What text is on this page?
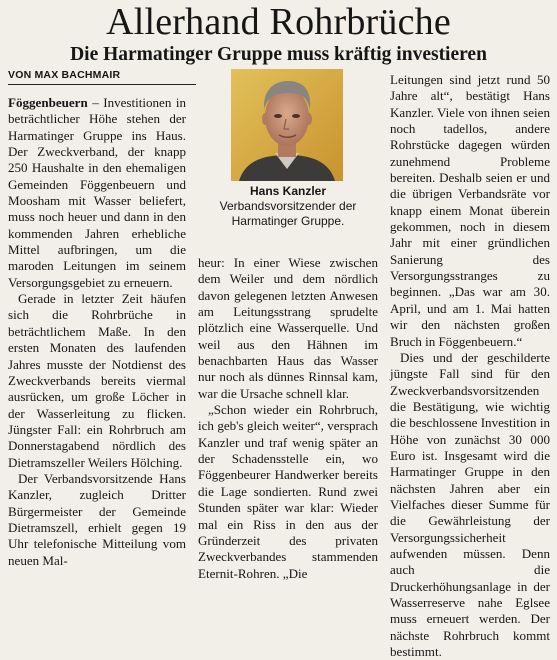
Allerhand Rohrbrüche
Die Harmatinger Gruppe muss kräftig investieren
VON MAX BACHMAIR

Föggenbeuern – Investitionen in beträchtlicher Höhe stehen der Harmatinger Gruppe ins Haus. Der Zweckverband, der knapp 250 Haushalte in den ehemaligen Gemeinden Föggenbeuern und Moosham mit Wasser beliefert, muss noch heuer und dann in den kommenden Jahren erhebliche Mittel aufbringen, um die maroden Leitungen im seinem Versorgungsgebiet zu erneuern.

Gerade in letzter Zeit häufen sich die Rohrbrüche in beträchtlichem Maße. In den ersten Monaten des laufenden Jahres musste der Notdienst des Zweckverbands bereits viermal ausrücken, um große Löcher in der Wasserleitung zu flicken. Jüngster Fall: ein Rohrbruch am Donnerstagabend nördlich des Dietramszeller Weilers Hölching.

Der Verbandsvorsitzende Hans Kanzler, zugleich Dritter Bürgermeister der Gemeinde Dietramszell, erhielt gegen 19 Uhr telefonische Mitteilung vom neuen Mal-

Hans Kanzler
Verbandsvorsitzender der Harmatinger Gruppe.

heur: In einer Wiese zwischen dem Weiler und dem nördlich davon gelegenen letzten Anwesen am Leitungsstrang sprudelte plötzlich eine Wasserquelle. Und weil aus den Hähnen im benachbarten Haus das Wasser nur noch als dünnes Rinnsal kam, war die Ursache schnell klar.

„Schon wieder ein Rohrbruch, ich geb's gleich weiter“, versprach Kanzler und traf wenig später an der Schadensstelle ein, wo Föggenbeurer Handwerker bereits die Lage sondierten. Rund zwei Stunden später war klar: Wieder mal ein Riss in den aus der Gründerzeit des privaten Zweckverbandes stammenden Eternit-Rohren. „Die

Leitungen sind jetzt rund 50 Jahre alt“, bestätigt Hans Kanzler. Viele von ihnen seien noch tadellos, andere Rohrstücke dagegen würden zunehmend Probleme bereiten. Deshalb seien er und die übrigen Verbandsräte vor knapp einem Monat überein gekommen, noch in diesem Jahr mit einer gründlichen Sanierung des Versorgungsstranges zu beginnen. „Das war am 30. April, und am 1. Mai hatten wir den nächsten großen Bruch in Föggenbeuern.“

Dies und der geschilderte jüngste Fall sind für den Zweckverbandsvorsitzenden die Bestätigung, wie wichtig die beschlossene Investition in Höhe von zunächst 30 000 Euro ist. Insgesamt wird die Harmatinger Gruppe in den nächsten Jahren aber ein Vielfaches dieser Summe für die Gewährleistung der Versorgungssicherheit aufwenden müssen. Denn auch die Druckerhöhungsanlage in der Wasserreserve nahe Eglsee muss erneuert werden. Der nächste Rohrbruch kommt bestimmt.
